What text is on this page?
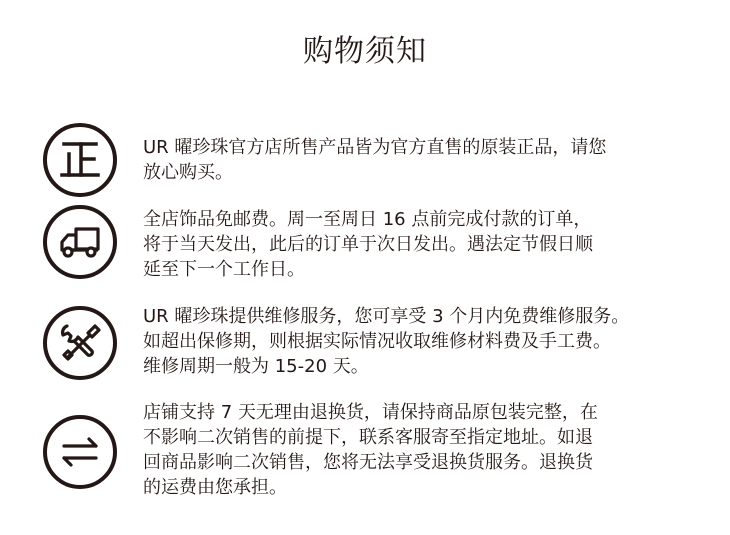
购物须知
UR 曜珍珠官方店所售产品皆为官方直售的原装正品，请您
放心购买。
全店饰品免邮费。周一至周日 16 点前完成付款的订单，
将于当天发出，此后的订单于次日发出。遇法定节假日顺
延至下一个工作日。
UR 曜珍珠提供维修服务，您可享受 3 个月内免费维修服务。
如超出保修期，则根据实际情况收取维修材料费及手工费。
维修周期一般为 15-20 天。
店铺支持 7 天无理由退换货，请保持商品原包装完整，在
不影响二次销售的前提下，联系客服寄至指定地址。如退
回商品影响二次销售，您将无法享受退换货服务。退换货
的运费由您承担。
